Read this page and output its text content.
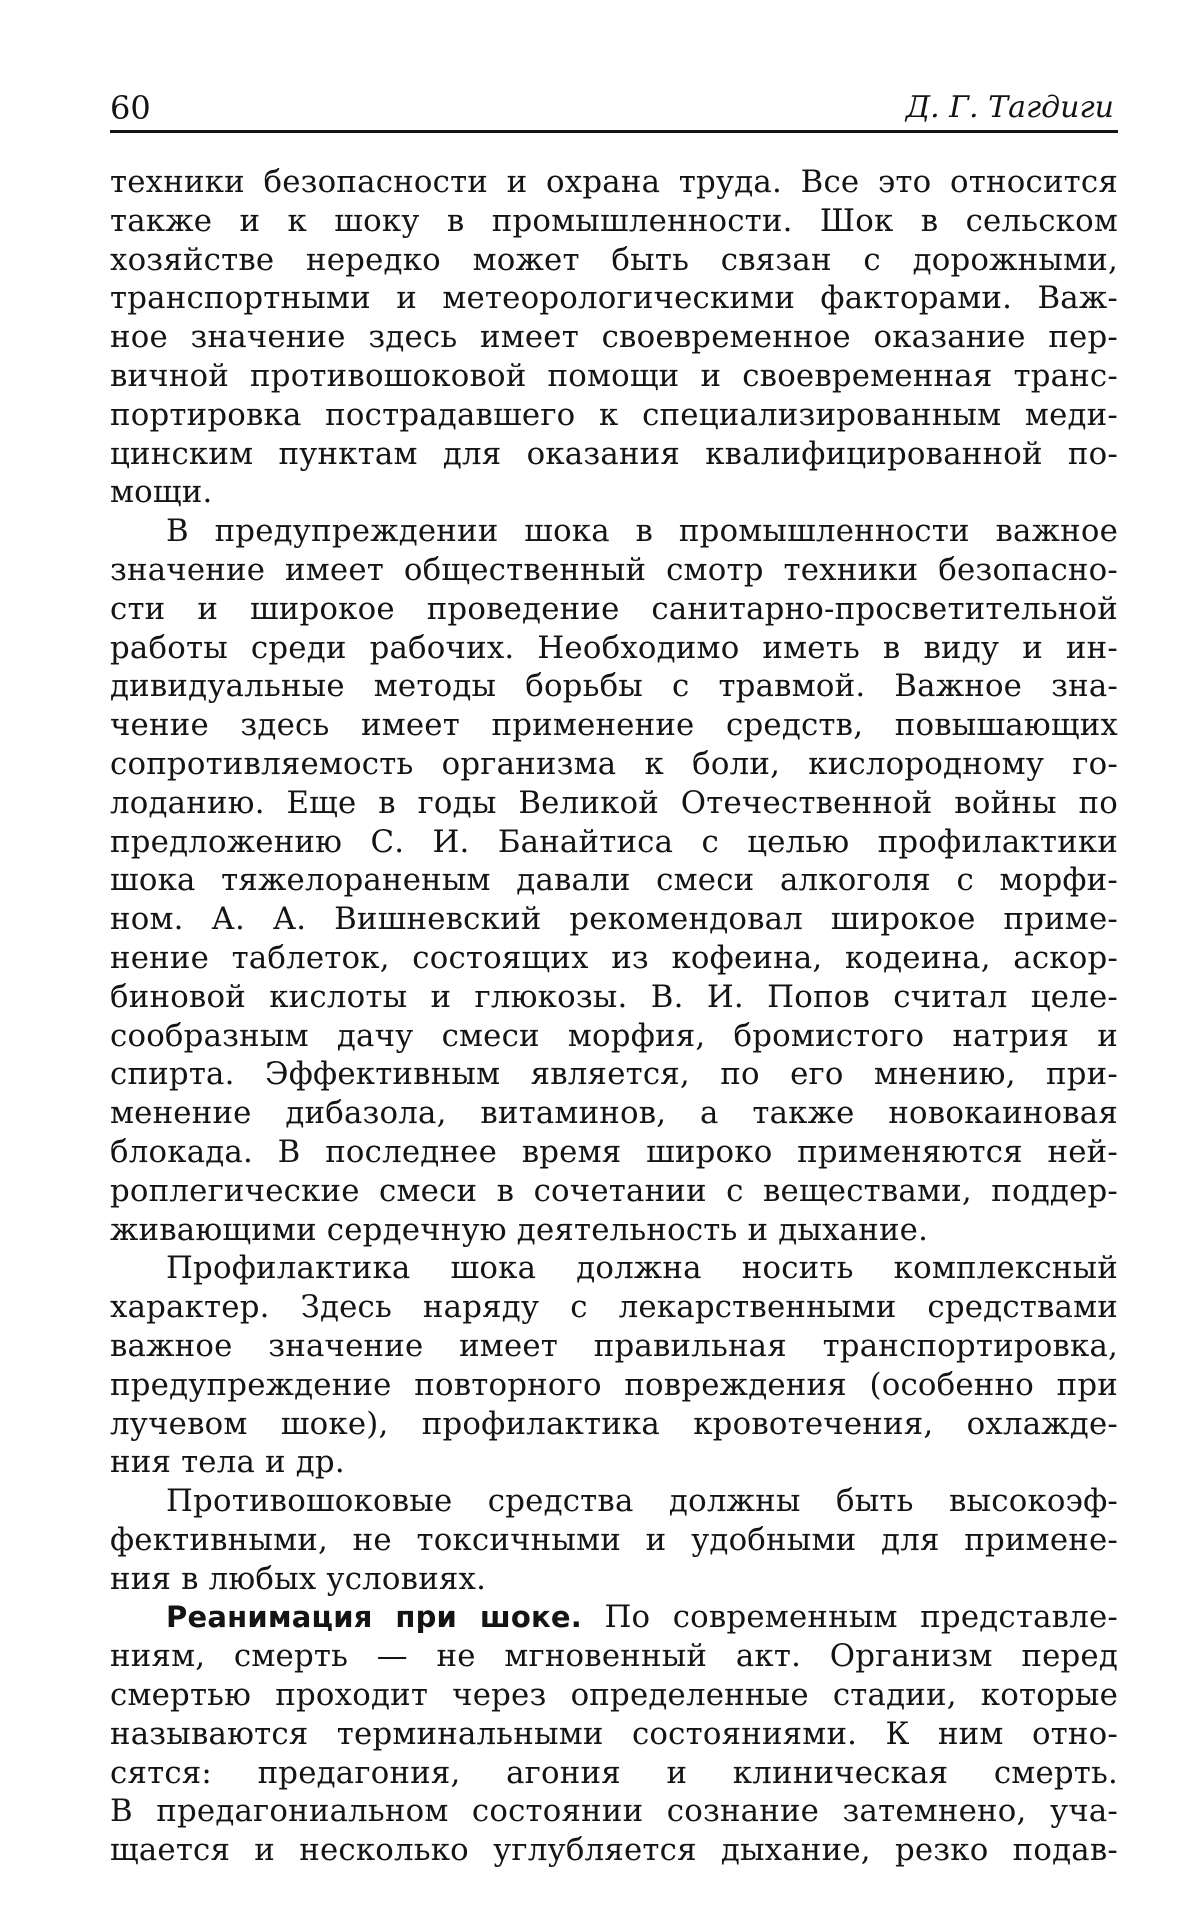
60	Д. Г. Тагдиги
техники безопасности и охрана труда. Все это относится
также и к шоку в промышленности. Шок в сельском
хозяйстве нередко может быть связан с дорожными,
транспортными и метеорологическими факторами. Важ-
ное значение здесь имеет своевременное оказание пер-
вичной противошоковой помощи и своевременная транс-
портировка пострадавшего к специализированным меди-
цинским пунктам для оказания квалифицированной по-
мощи.
В предупреждении шока в промышленности важное
значение имеет общественный смотр техники безопасно-
сти и широкое проведение санитарно-просветительной
работы среди рабочих. Необходимо иметь в виду и ин-
дивидуальные методы борьбы с травмой. Важное зна-
чение здесь имеет применение средств, повышающих
сопротивляемость организма к боли, кислородному го-
лоданию. Еще в годы Великой Отечественной войны по
предложению С. И. Банайтиса с целью профилактики
шока тяжелораненым давали смеси алкоголя с морфи-
ном. А. А. Вишневский рекомендовал широкое приме-
нение таблеток, состоящих из кофеина, кодеина, аскор-
биновой кислоты и глюкозы. В. И. Попов считал целе-
сообразным дачу смеси морфия, бромистого натрия и
спирта. Эффективным является, по его мнению, при-
менение дибазола, витаминов, а также новокаиновая
блокада. В последнее время широко применяются ней-
роплегические смеси в сочетании с веществами, поддер-
живающими сердечную деятельность и дыхание.
Профилактика шока должна носить комплексный
характер. Здесь наряду с лекарственными средствами
важное значение имеет правильная транспортировка,
предупреждение повторного повреждения (особенно при
лучевом шоке), профилактика кровотечения, охлажде-
ния тела и др.
Противошоковые средства должны быть высокоэф-
фективными, не токсичными и удобными для примене-
ния в любых условиях.
Реанимация при шоке. По современным представле-
ниям, смерть — не мгновенный акт. Организм перед
смертью проходит через определенные стадии, которые
называются терминальными состояниями. К ним отно-
сятся: предагония, агония и клиническая смерть.
В предагониальном состоянии сознание затемнено, уча-
щается и несколько углубляется дыхание, резко подав-
